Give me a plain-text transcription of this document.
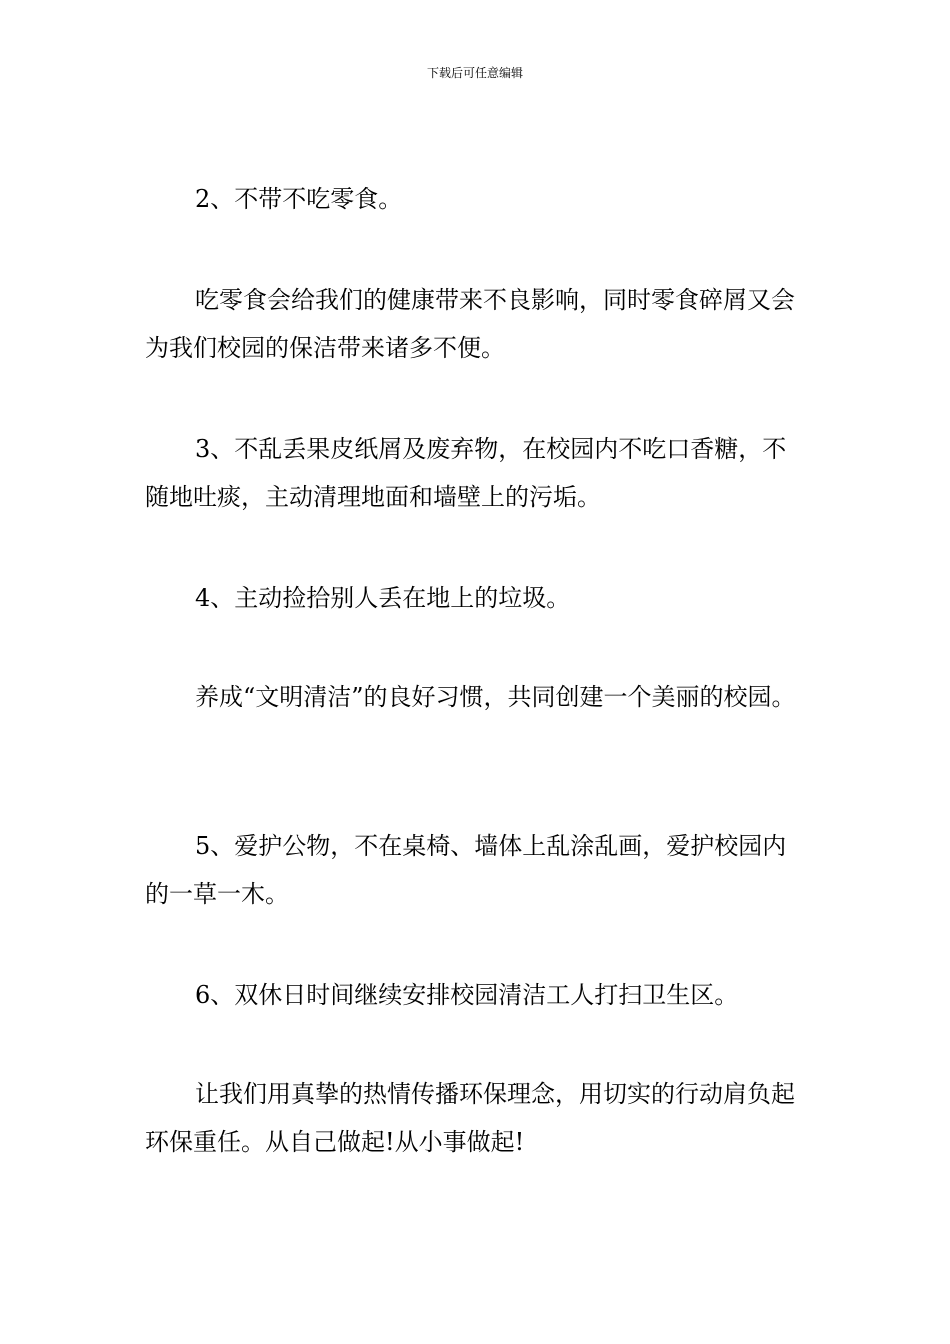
下载后可任意编辑

2、不带不吃零食。

吃零食会给我们的健康带来不良影响，同时零食碎屑又会为我们校园的保洁带来诸多不便。

3、不乱丢果皮纸屑及废弃物，在校园内不吃口香糖，不随地吐痰，主动清理地面和墙壁上的污垢。

4、主动捡拾别人丢在地上的垃圾。

养成“文明清洁”的良好习惯，共同创建一个美丽的校园。

5、爱护公物，不在桌椅、墙体上乱涂乱画，爱护校园内的一草一木。

6、双休日时间继续安排校园清洁工人打扫卫生区。

让我们用真挚的热情传播环保理念，用切实的行动肩负起环保重任。从自己做起!从小事做起!
